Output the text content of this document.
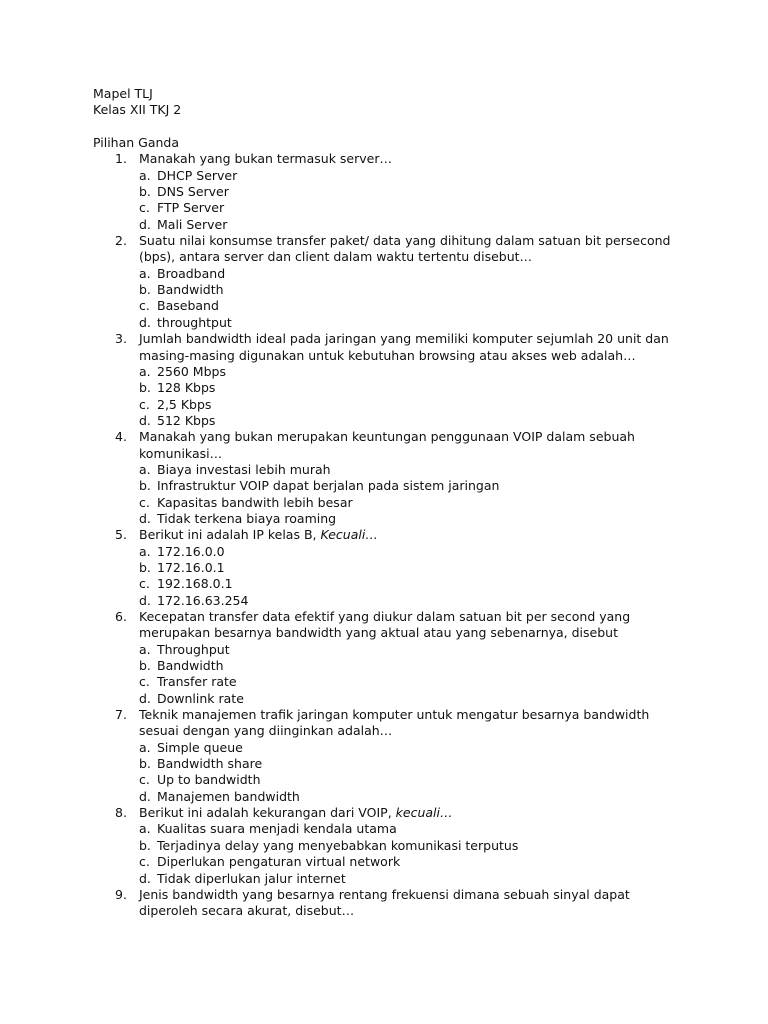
Mapel TLJ
Kelas XII TKJ 2
Pilihan Ganda
1. Manakah yang bukan termasuk server…
a. DHCP Server
b. DNS Server
c. FTP Server
d. Mali Server
2. Suatu nilai konsumse transfer paket/ data yang dihitung dalam satuan bit persecond (bps), antara server dan client dalam waktu tertentu disebut…
a. Broadband
b. Bandwidth
c. Baseband
d. throughtput
3. Jumlah bandwidth ideal pada jaringan yang memiliki komputer sejumlah 20 unit dan masing-masing digunakan untuk kebutuhan browsing atau akses web adalah…
a. 2560 Mbps
b. 128 Kbps
c. 2,5 Kbps
d. 512 Kbps
4. Manakah yang bukan merupakan keuntungan penggunaan VOIP dalam sebuah komunikasi…
a. Biaya investasi lebih murah
b. Infrastruktur VOIP dapat berjalan pada sistem jaringan
c. Kapasitas bandwith lebih besar
d. Tidak terkena biaya roaming
5. Berikut ini adalah IP kelas B, Kecuali…
a. 172.16.0.0
b. 172.16.0.1
c. 192.168.0.1
d. 172.16.63.254
6. Kecepatan transfer data efektif yang diukur dalam satuan bit per second yang merupakan besarnya bandwidth yang aktual atau yang sebenarnya, disebut
a. Throughput
b. Bandwidth
c. Transfer rate
d. Downlink rate
7. Teknik manajemen trafik jaringan komputer untuk mengatur besarnya bandwidth sesuai dengan yang diinginkan adalah…
a. Simple queue
b. Bandwidth share
c. Up to bandwidth
d. Manajemen bandwidth
8. Berikut ini adalah kekurangan dari VOIP, kecuali…
a. Kualitas suara menjadi kendala utama
b. Terjadinya delay yang menyebabkan komunikasi terputus
c. Diperlukan pengaturan virtual network
d. Tidak diperlukan jalur internet
9. Jenis bandwidth yang besarnya rentang frekuensi dimana sebuah sinyal dapat diperoleh secara akurat, disebut…
